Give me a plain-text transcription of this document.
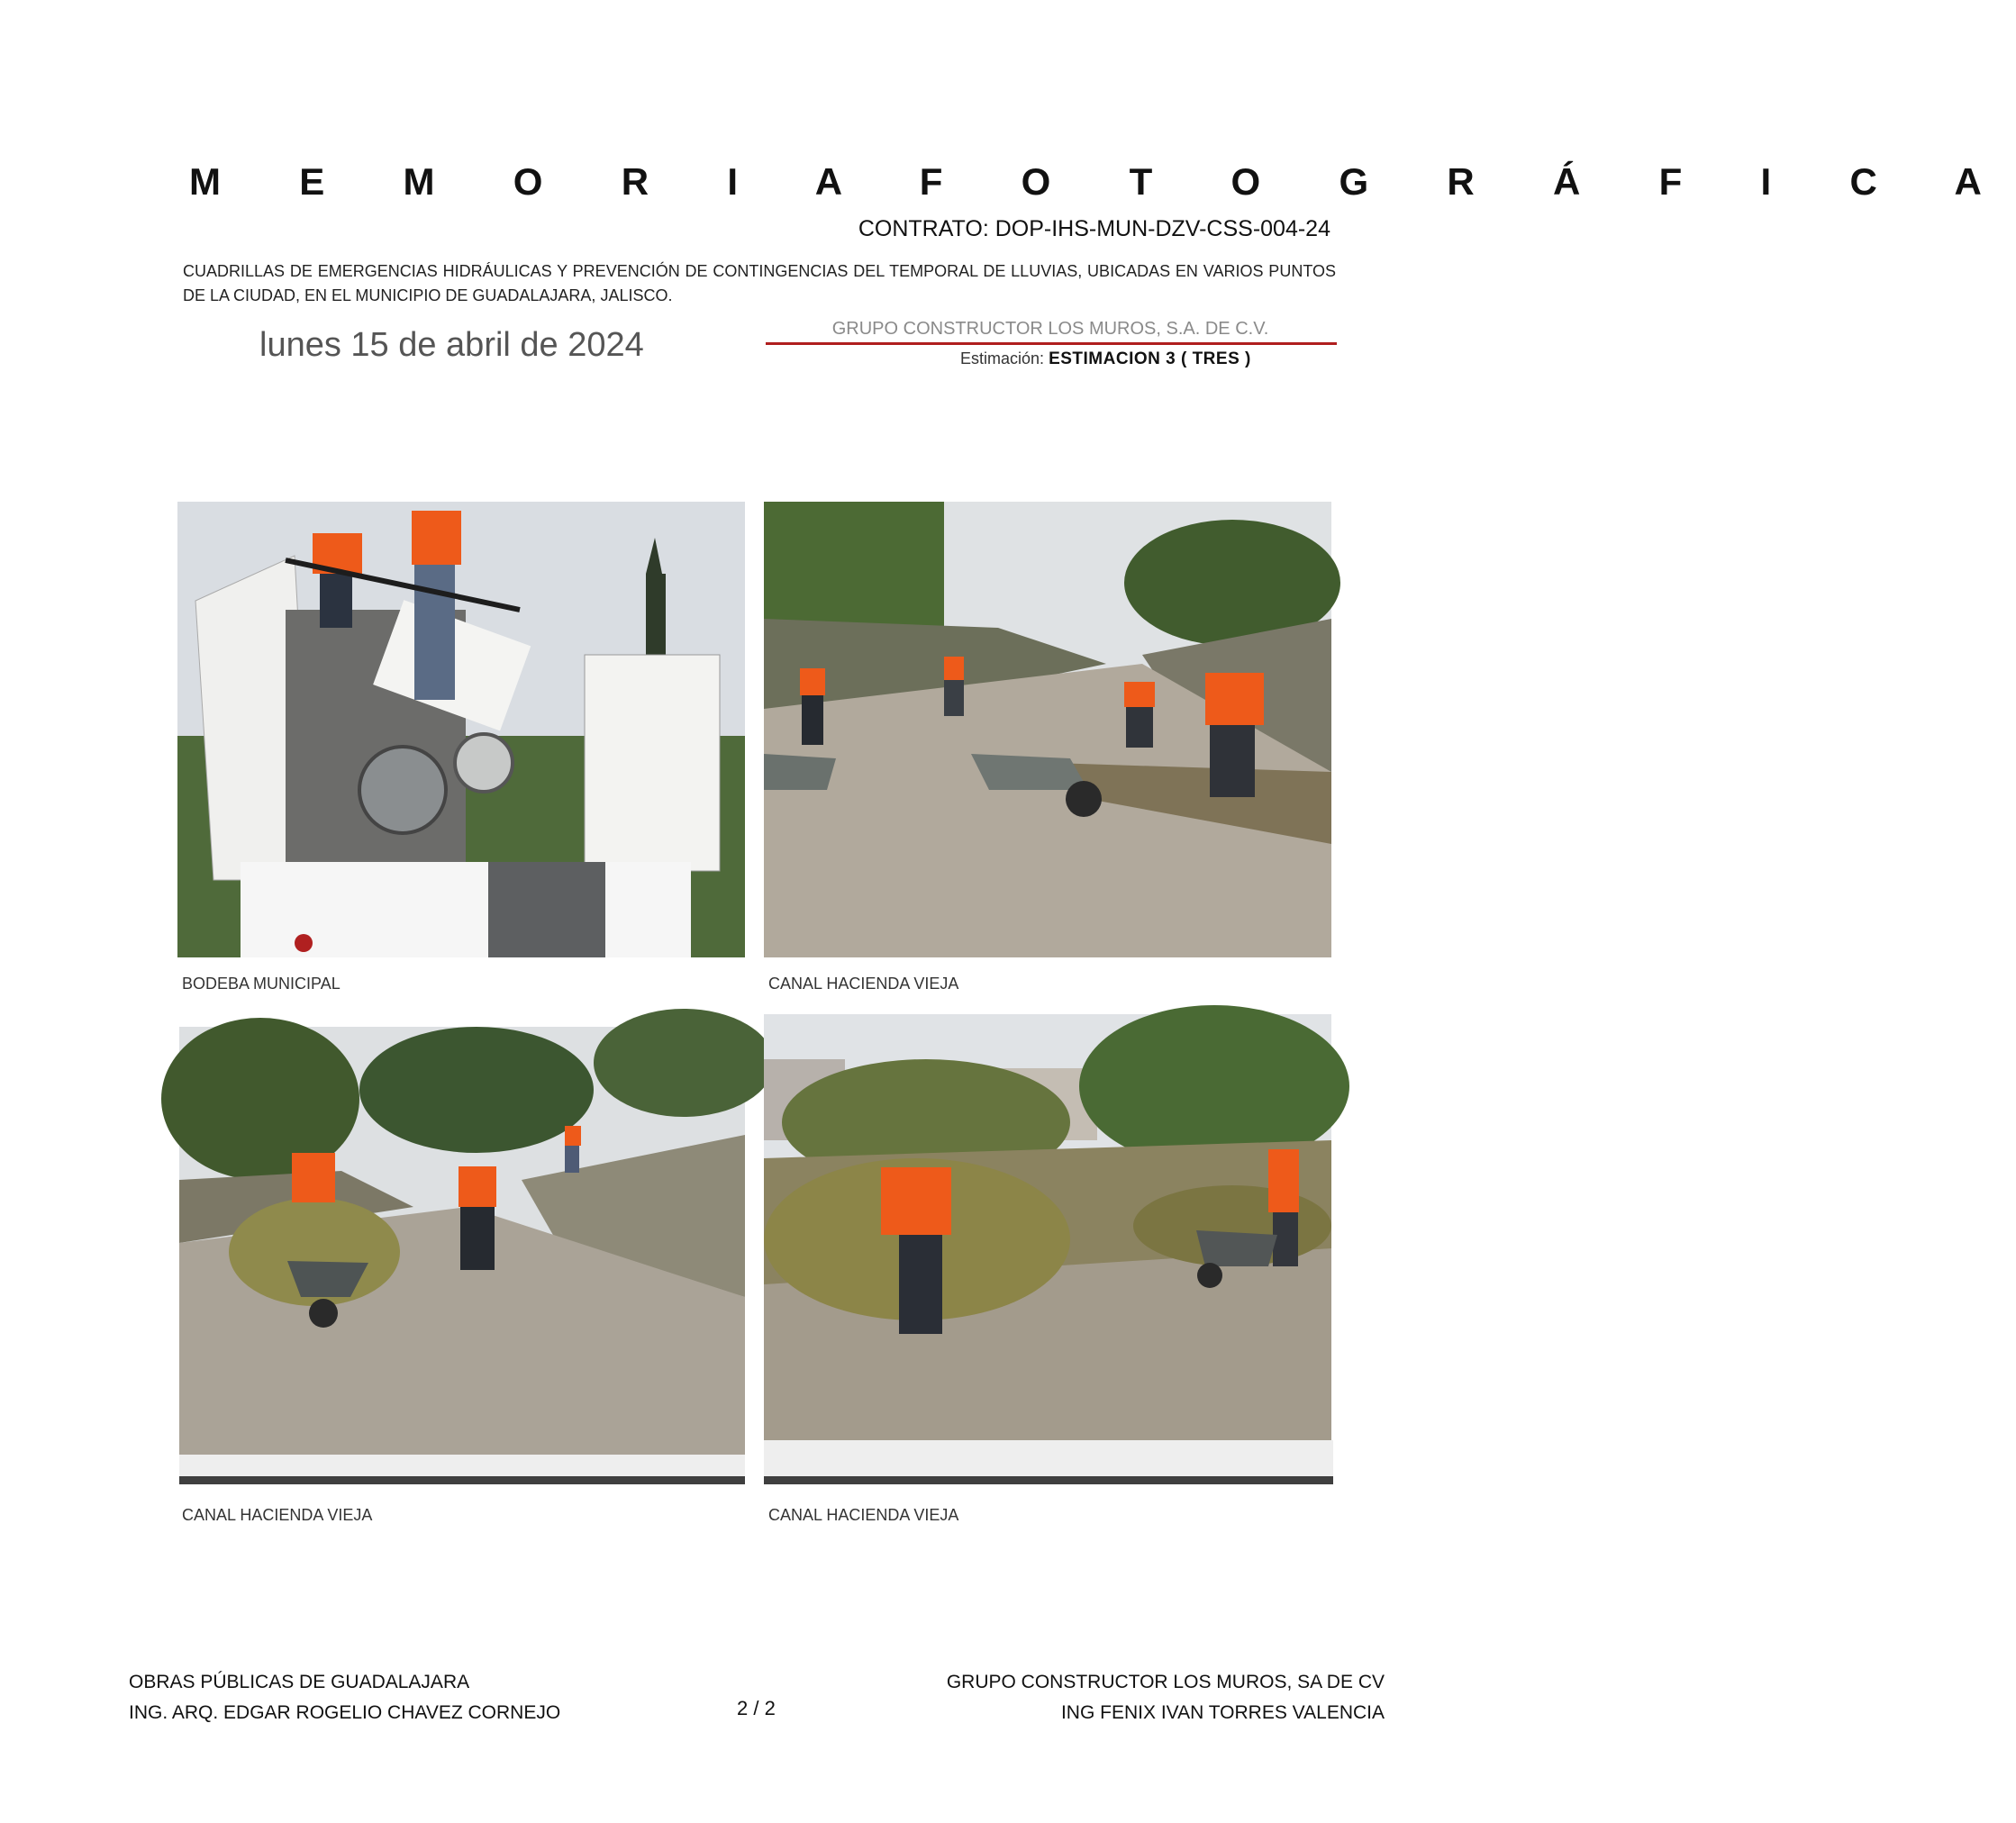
M E M O R I A F O T O G R Á F I C A
CONTRATO: DOP-IHS-MUN-DZV-CSS-004-24
CUADRILLAS DE EMERGENCIAS HIDRÁULICAS Y PREVENCIÓN DE CONTINGENCIAS DEL TEMPORAL DE LLUVIAS, UBICADAS EN VARIOS PUNTOS DE LA CIUDAD, EN EL MUNICIPIO DE GUADALAJARA, JALISCO.
lunes 15 de abril de 2024	GRUPO CONSTRUCTOR LOS MUROS, S.A. DE C.V.
Estimación: ESTIMACION 3 ( TRES )
BODEBA MUNICIPAL	CANAL HACIENDA VIEJA
CANAL HACIENDA VIEJA	CANAL HACIENDA VIEJA
OBRAS PÚBLICAS DE GUADALAJARA
ING. ARQ. EDGAR ROGELIO CHAVEZ CORNEJO	2 / 2
GRUPO CONSTRUCTOR LOS MUROS, SA DE CV
ING FENIX IVAN TORRES VALENCIA
